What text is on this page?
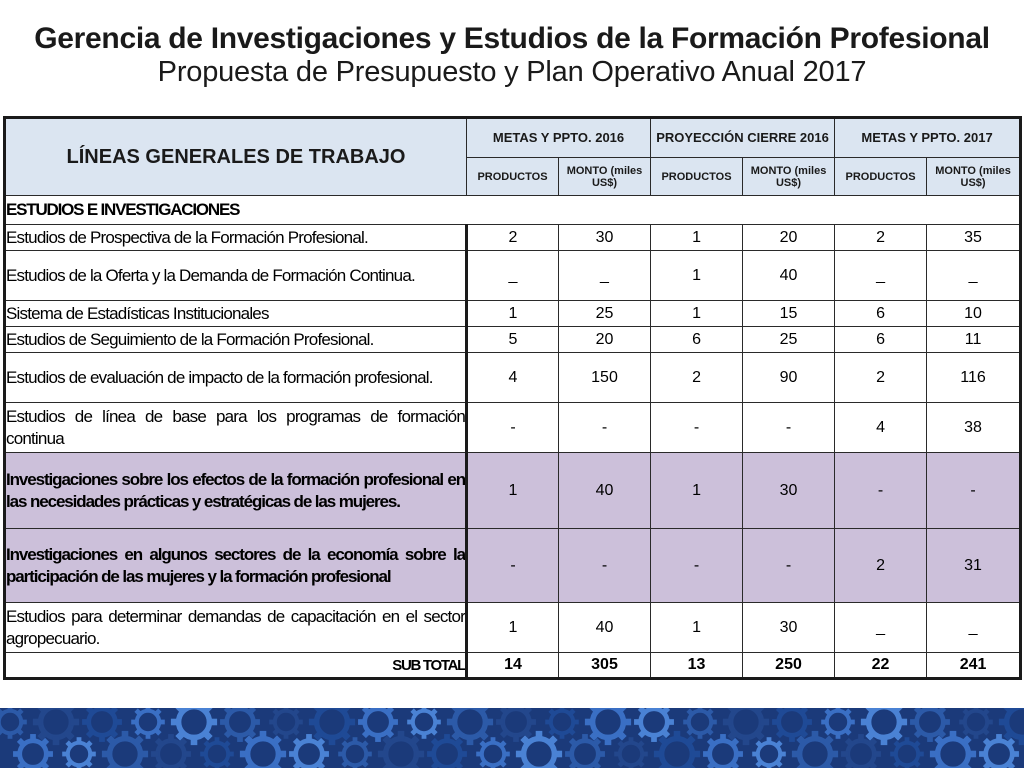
Gerencia de Investigaciones y Estudios de la Formación Profesional
Propuesta de Presupuesto y Plan Operativo Anual 2017
LÍNEAS GENERALES DE TRABAJO	METAS Y PPTO. 2016		PROYECCIÓN CIERRE 2016		METAS Y PPTO. 2017	
	PRODUCTOS	MONTO (miles US$)	PRODUCTOS	MONTO (miles US$)	PRODUCTOS	MONTO (miles US$)
ESTUDIOS E INVESTIGACIONES						
Estudios de Prospectiva de la Formación Profesional.	2	30	1	20	2	35
Estudios de la Oferta y la Demanda de Formación Continua.	_	_	1	40	_	_
Sistema de Estadísticas Institucionales	1	25	1	15	6	10
Estudios de Seguimiento de la Formación Profesional.	5	20	6	25	6	11
Estudios de evaluación de impacto de la formación profesional.	4	150	2	90	2	116
Estudios de línea de base para los programas de formación continua	-	-	-	-	4	38
Investigaciones sobre los efectos de la formación profesional en las necesidades prácticas y estratégicas de las mujeres.	1	40	1	30	-	-
Investigaciones en algunos sectores de la economía sobre la participación de las mujeres y la formación profesional	-	-	-	-	2	31
Estudios para determinar demandas de capacitación en el sector agropecuario.	1	40	1	30	_	_
SUB TOTAL	14	305	13	250	22	241
